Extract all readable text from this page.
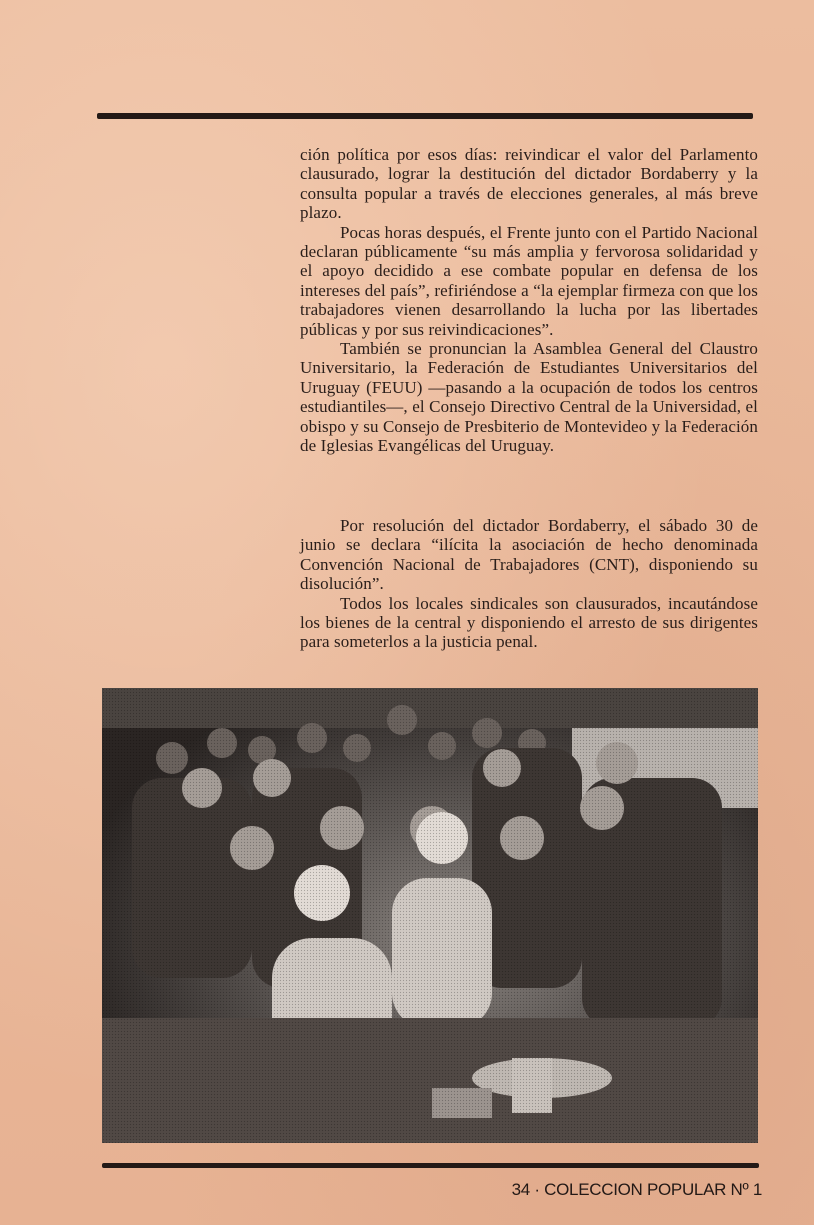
ción política por esos días: reivindicar el valor del Parlamento clausurado, lograr la destitución del dictador Bordaberry y la consulta popular a través de elecciones generales, al más breve plazo.

Pocas horas después, el Frente junto con el Partido Nacional declaran públicamente “su más amplia y fervorosa solidaridad y el apoyo decidido a ese combate popular en defensa de los intereses del país”, refiriéndose a “la ejemplar firmeza con que los trabajadores vienen desarrollando la lucha por las libertades públicas y por sus reivindicaciones”.

También se pronuncian la Asamblea General del Claustro Universitario, la Federación de Estudiantes Universitarios del Uruguay (FEUU) —pasando a la ocupación de todos los centros estudiantiles—, el Consejo Directivo Central de la Universidad, el obispo y su Consejo de Presbiterio de Montevideo y la Federación de Iglesias Evangélicas del Uruguay.

Por resolución del dictador Bordaberry, el sábado 30 de junio se declara “ilícita la asociación de hecho denominada Convención Nacional de Trabajadores (CNT), disponiendo su disolución”.

Todos los locales sindicales son clausurados, incautándose los bienes de la central y disponiendo el arresto de sus dirigentes para someterlos a la justicia penal.

34 · COLECCION POPULAR Nº 1
